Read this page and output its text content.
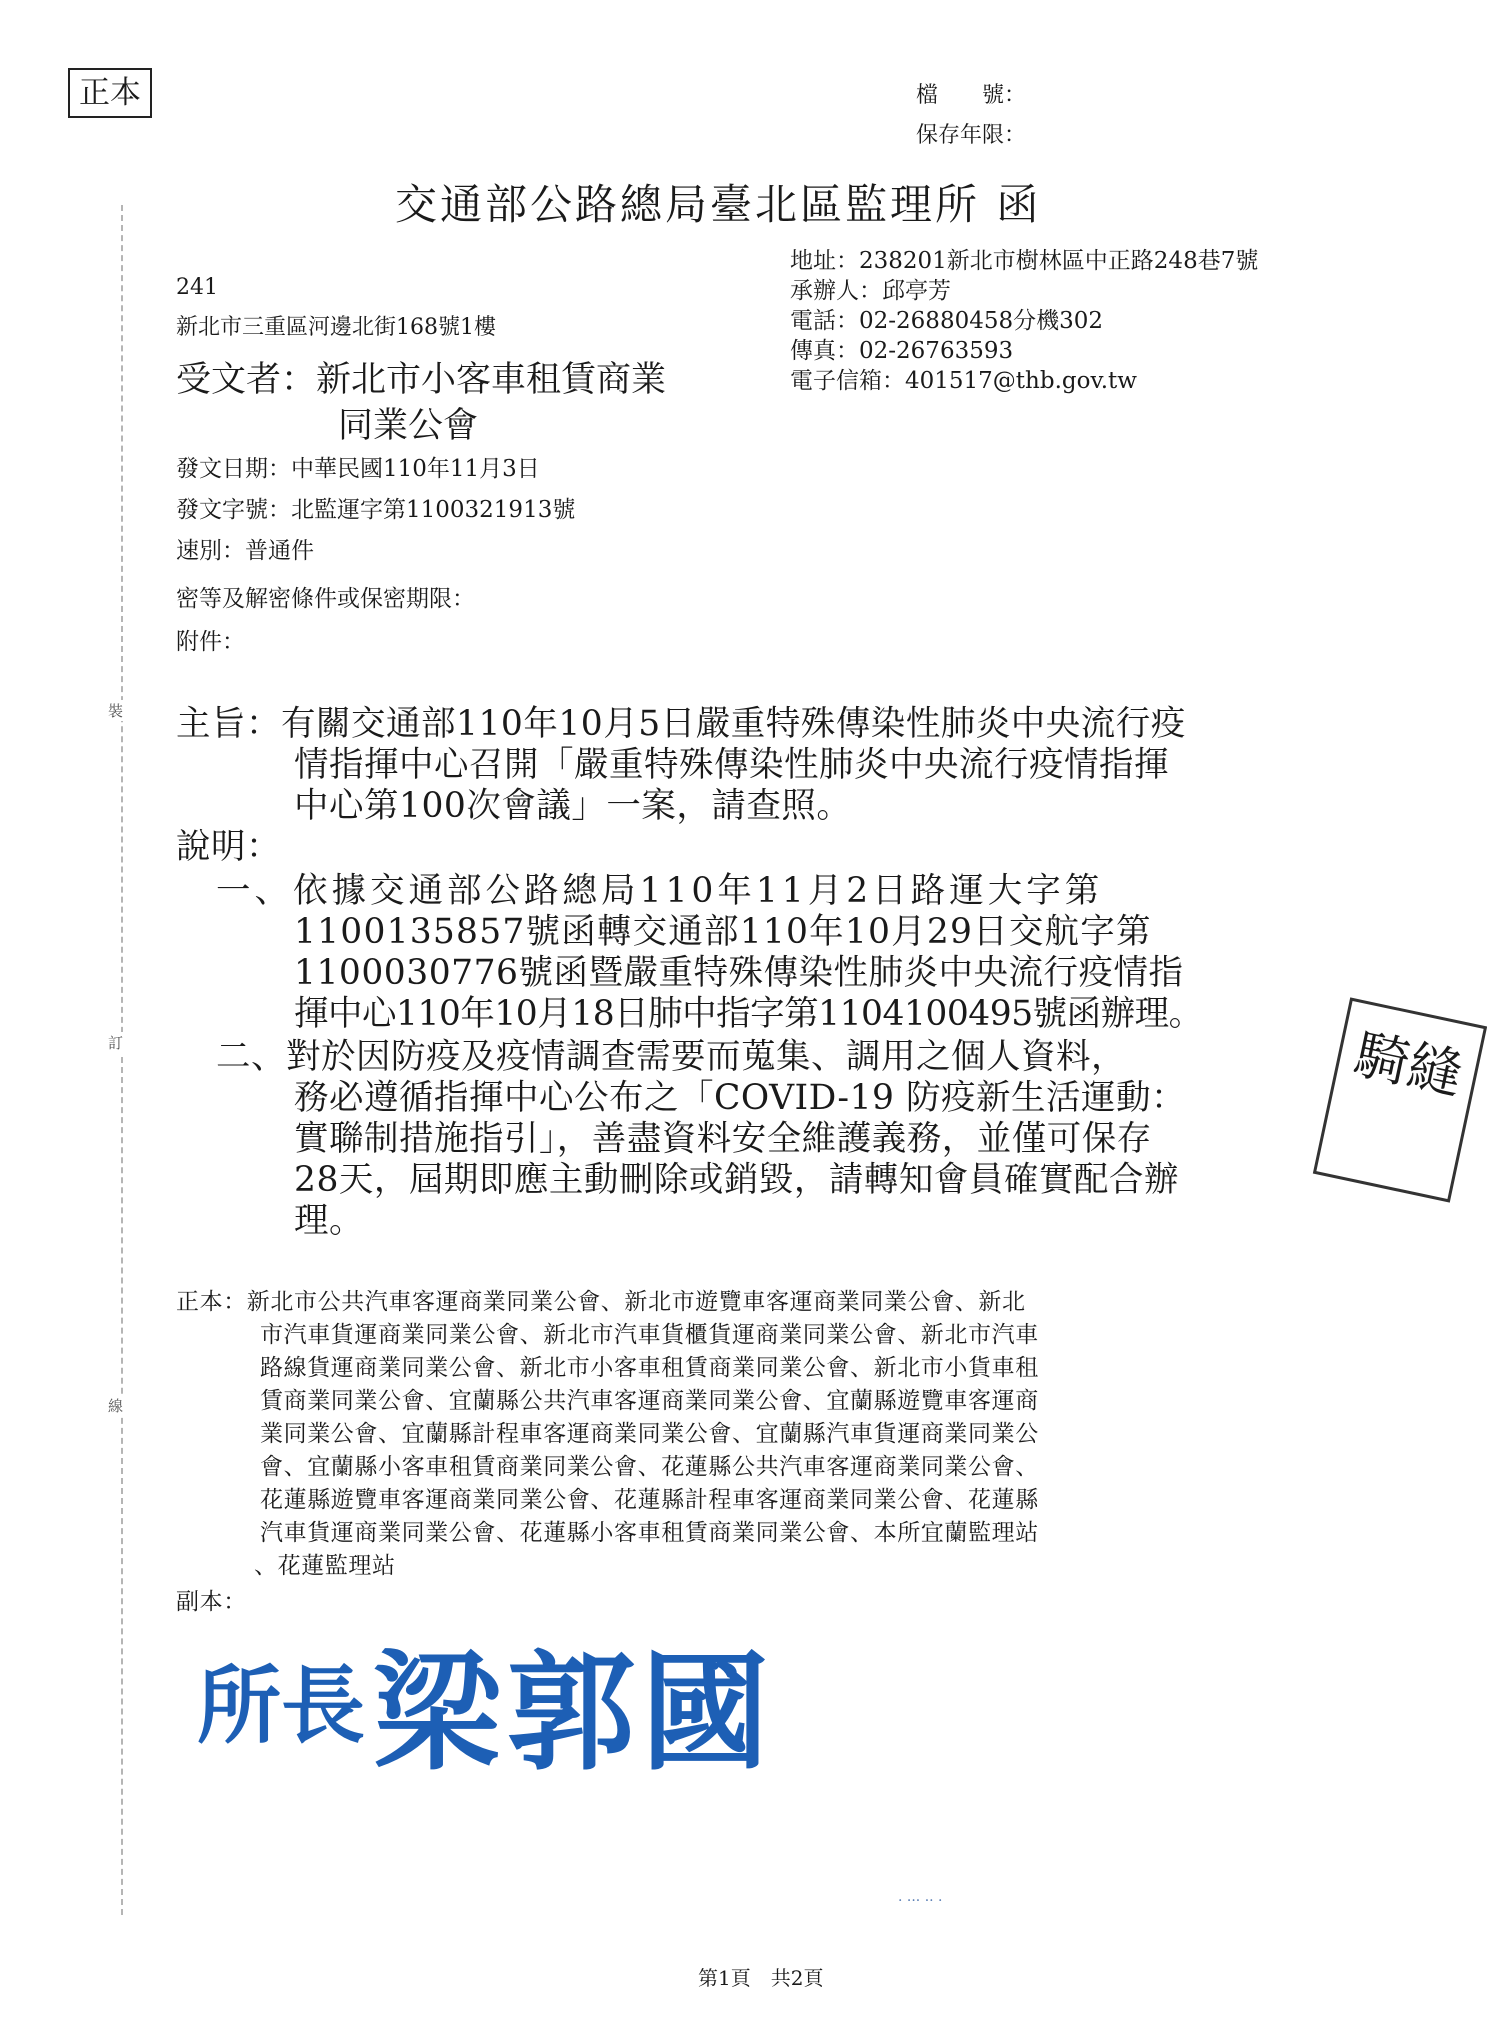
正本	檔　　號：
保存年限：
裝
訂
線
交通部公路總局臺北區監理所 函
地址：238201新北市樹林區中正路248巷7號
承辦人：邱亭芳
電話：02-26880458分機302
傳真：02-26763593
電子信箱：401517@thb.gov.tw
241
新北市三重區河邊北街168號1樓
受文者：新北市小客車租賃商業
同業公會
發文日期：中華民國110年11月3日
發文字號：北監運字第1100321913號
速別：普通件
密等及解密條件或保密期限：
附件：
主旨：有關交通部110年10月5日嚴重特殊傳染性肺炎中央流行疫
情指揮中心召開「嚴重特殊傳染性肺炎中央流行疫情指揮
中心第100次會議」一案，請查照。
說明：
一、依據交通部公路總局110年11月2日路運大字第
1100135857號函轉交通部110年10月29日交航字第
1100030776號函暨嚴重特殊傳染性肺炎中央流行疫情指
揮中心110年10月18日肺中指字第1104100495號函辦理。
二、對於因防疫及疫情調查需要而蒐集、調用之個人資料，
務必遵循指揮中心公布之「COVID-19 防疫新生活運動：
實聯制措施指引」，善盡資料安全維護義務，並僅可保存
28天，屆期即應主動刪除或銷毀，請轉知會員確實配合辦
理。
正本：新北市公共汽車客運商業同業公會、新北市遊覽車客運商業同業公會、新北
市汽車貨運商業同業公會、新北市汽車貨櫃貨運商業同業公會、新北市汽車
路線貨運商業同業公會、新北市小客車租賃商業同業公會、新北市小貨車租
賃商業同業公會、宜蘭縣公共汽車客運商業同業公會、宜蘭縣遊覽車客運商
業同業公會、宜蘭縣計程車客運商業同業公會、宜蘭縣汽車貨運商業同業公
會、宜蘭縣小客車租賃商業同業公會、花蓮縣公共汽車客運商業同業公會、
花蓮縣遊覽車客運商業同業公會、花蓮縣計程車客運商業同業公會、花蓮縣
汽車貨運商業同業公會、花蓮縣小客車租賃商業同業公會、本所宜蘭監理站
、花蓮監理站
副本：
所長 梁郭國
騎縫
· ··· ·· ·
第1頁　共2頁
